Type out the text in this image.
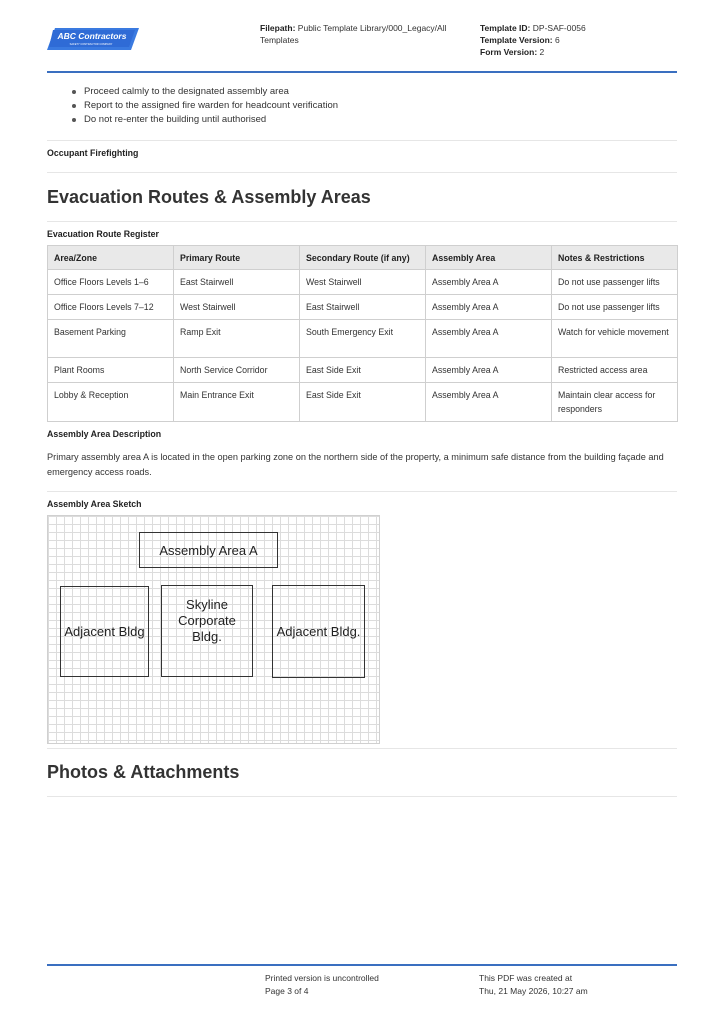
ABC Contractors
SAFETY CONTRACTOR COMPANY
Filepath: Public Template Library/000_Legacy/All Templates
Template ID: DP-SAF-0056
Template Version: 6
Form Version: 2
Proceed calmly to the designated assembly area
Report to the assigned fire warden for headcount verification
Do not re-enter the building until authorised
Occupant Firefighting
Evacuation Routes & Assembly Areas
Evacuation Route Register
Area/Zone	Primary Route	Secondary Route (if any)	Assembly Area	Notes & Restrictions
Office Floors Levels 1–6	East Stairwell	West Stairwell	Assembly Area A	Do not use passenger lifts
Office Floors Levels 7–12	West Stairwell	East Stairwell	Assembly Area A	Do not use passenger lifts
Basement Parking	Ramp Exit	South Emergency Exit	Assembly Area A	Watch for vehicle movement
Plant Rooms	North Service Corridor	East Side Exit	Assembly Area A	Restricted access area
Lobby & Reception	Main Entrance Exit	East Side Exit	Assembly Area A	Maintain clear access for responders
Assembly Area Description
Primary assembly area A is located in the open parking zone on the northern side of the property, a minimum safe distance from the building façade and emergency access roads.
Assembly Area Sketch
Assembly Area A
Adjacent Bldg
Skyline Corporate Bldg.	Adjacent Bldg.
Photos & Attachments
Printed version is uncontrolled
Page 3 of 4
This PDF was created at
Thu, 21 May 2026, 10:27 am
